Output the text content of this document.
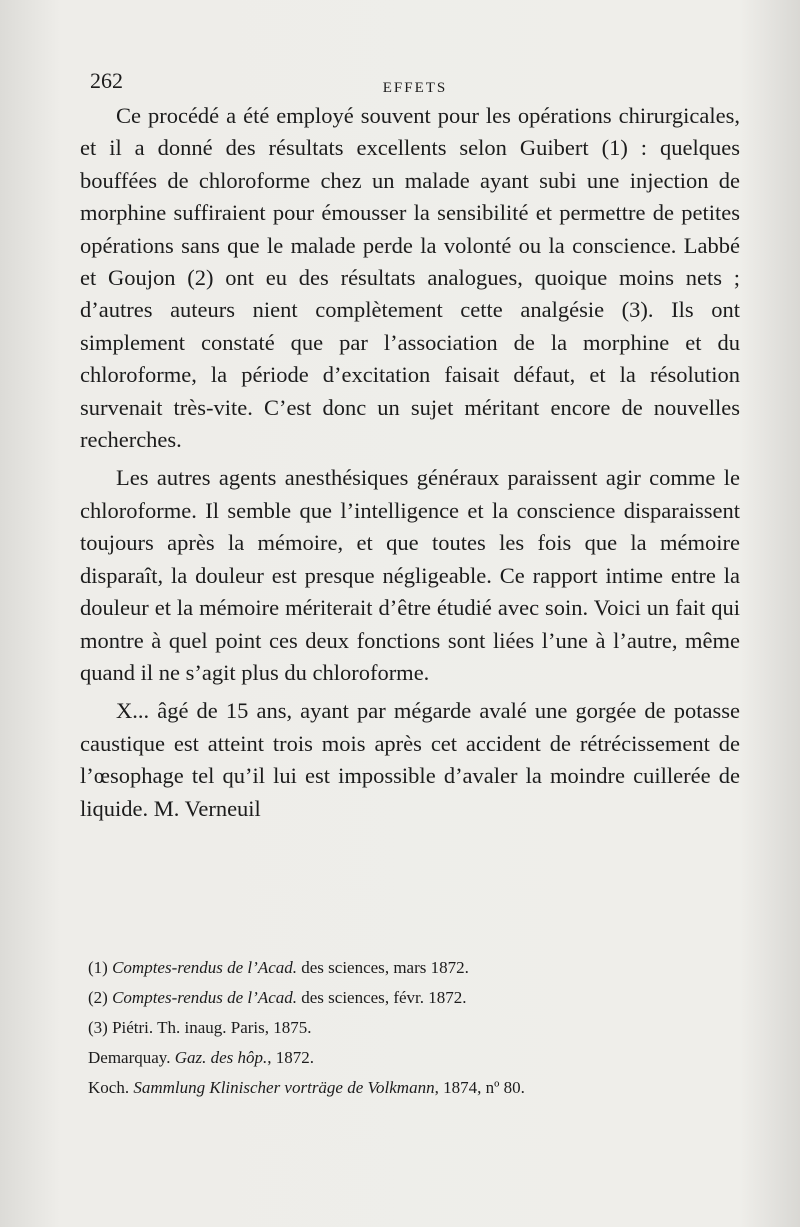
262	EFFETS

Ce procédé a été employé souvent pour les opérations chirurgicales, et il a donné des résultats excellents selon Guibert (1) : quelques bouffées de chloroforme chez un malade ayant subi une injection de morphine suffiraient pour émousser la sensibilité et permettre de petites opérations sans que le malade perde la volonté ou la conscience. Labbé et Goujon (2) ont eu des résultats analogues, quoique moins nets ; d’autres auteurs nient complètement cette analgésie (3). Ils ont simplement constaté que par l’association de la morphine et du chloroforme, la période d’excitation faisait défaut, et la résolution survenait très-vite. C’est donc un sujet méritant encore de nouvelles recherches.

Les autres agents anesthésiques généraux paraissent agir comme le chloroforme. Il semble que l’intelligence et la conscience disparaissent toujours après la mémoire, et que toutes les fois que la mémoire disparaît, la douleur est presque négligeable. Ce rapport intime entre la douleur et la mémoire mériterait d’être étudié avec soin. Voici un fait qui montre à quel point ces deux fonctions sont liées l’une à l’autre, même quand il ne s’agit plus du chloroforme.

X... âgé de 15 ans, ayant par mégarde avalé une gorgée de potasse caustique est atteint trois mois après cet accident de rétrécissement de l’œsophage tel qu’il lui est impossible d’avaler la moindre cuillerée de liquide. M. Verneuil

(1) Comptes-rendus de l’Acad. des sciences, mars 1872.
(2) Comptes-rendus de l’Acad. des sciences, févr. 1872.
(3) Piétri. Th. inaug. Paris, 1875.
Demarquay. Gaz. des hôp., 1872.
Koch. Sammlung Klinischer vorträge de Volkmann, 1874, nº 80.
